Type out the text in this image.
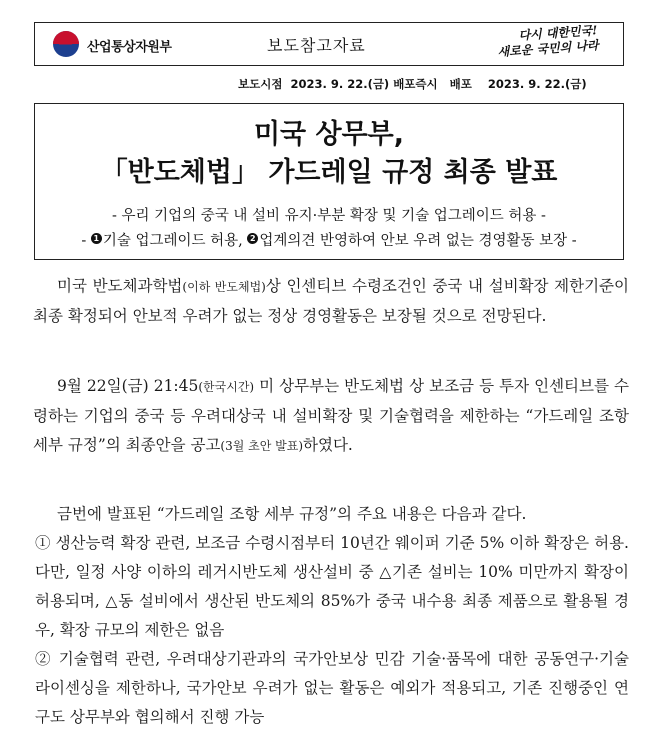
산업통상자원부	보도참고자료
다시 대한민국!
새로운 국민의 나라
보도시점  2023. 9. 22.(금) 배포즉시   배포    2023. 9. 22.(금)
미국 상무부,
「반도체법」 가드레일 규정 최종 발표
- 우리 기업의 중국 내 설비 유지·부분 확장 및 기술 업그레이드 허용 -
- 1 기술 업그레이드 허용, 2 업계의견 반영하여 안보 우려 없는 경영활동 보장 -
미국 반도체과학법(이하 반도체법)상 인센티브 수령조건인 중국 내 설비확장 제한기준이 최종 확정되어 안보적 우려가 없는 정상 경영활동은 보장될 것으로 전망된다.
9월 22일(금) 21:45(한국시간) 미 상무부는 반도체법 상 보조금 등 투자 인센티브를 수령하는 기업의 중국 등 우려대상국 내 설비확장 및 기술협력을 제한하는 “가드레일 조항 세부 규정”의 최종안을 공고(3월 초안 발표)하였다.
금번에 발표된 “가드레일 조항 세부 규정”의 주요 내용은 다음과 같다.
① 생산능력 확장 관련, 보조금 수령시점부터 10년간 웨이퍼 기준 5% 이하 확장은 허용. 다만, 일정 사양 이하의 레거시반도체 생산설비 중 △기존 설비는 10% 미만까지 확장이 허용되며, △동 설비에서 생산된 반도체의 85%가 중국 내수용 최종 제품으로 활용될 경우, 확장 규모의 제한은 없음
② 기술협력 관련, 우려대상기관과의 국가안보상 민감 기술·품목에 대한 공동연구·기술 라이센싱을 제한하나, 국가안보 우려가 없는 활동은 예외가 적용되고, 기존 진행중인 연구도 상무부와 협의해서 진행 가능
